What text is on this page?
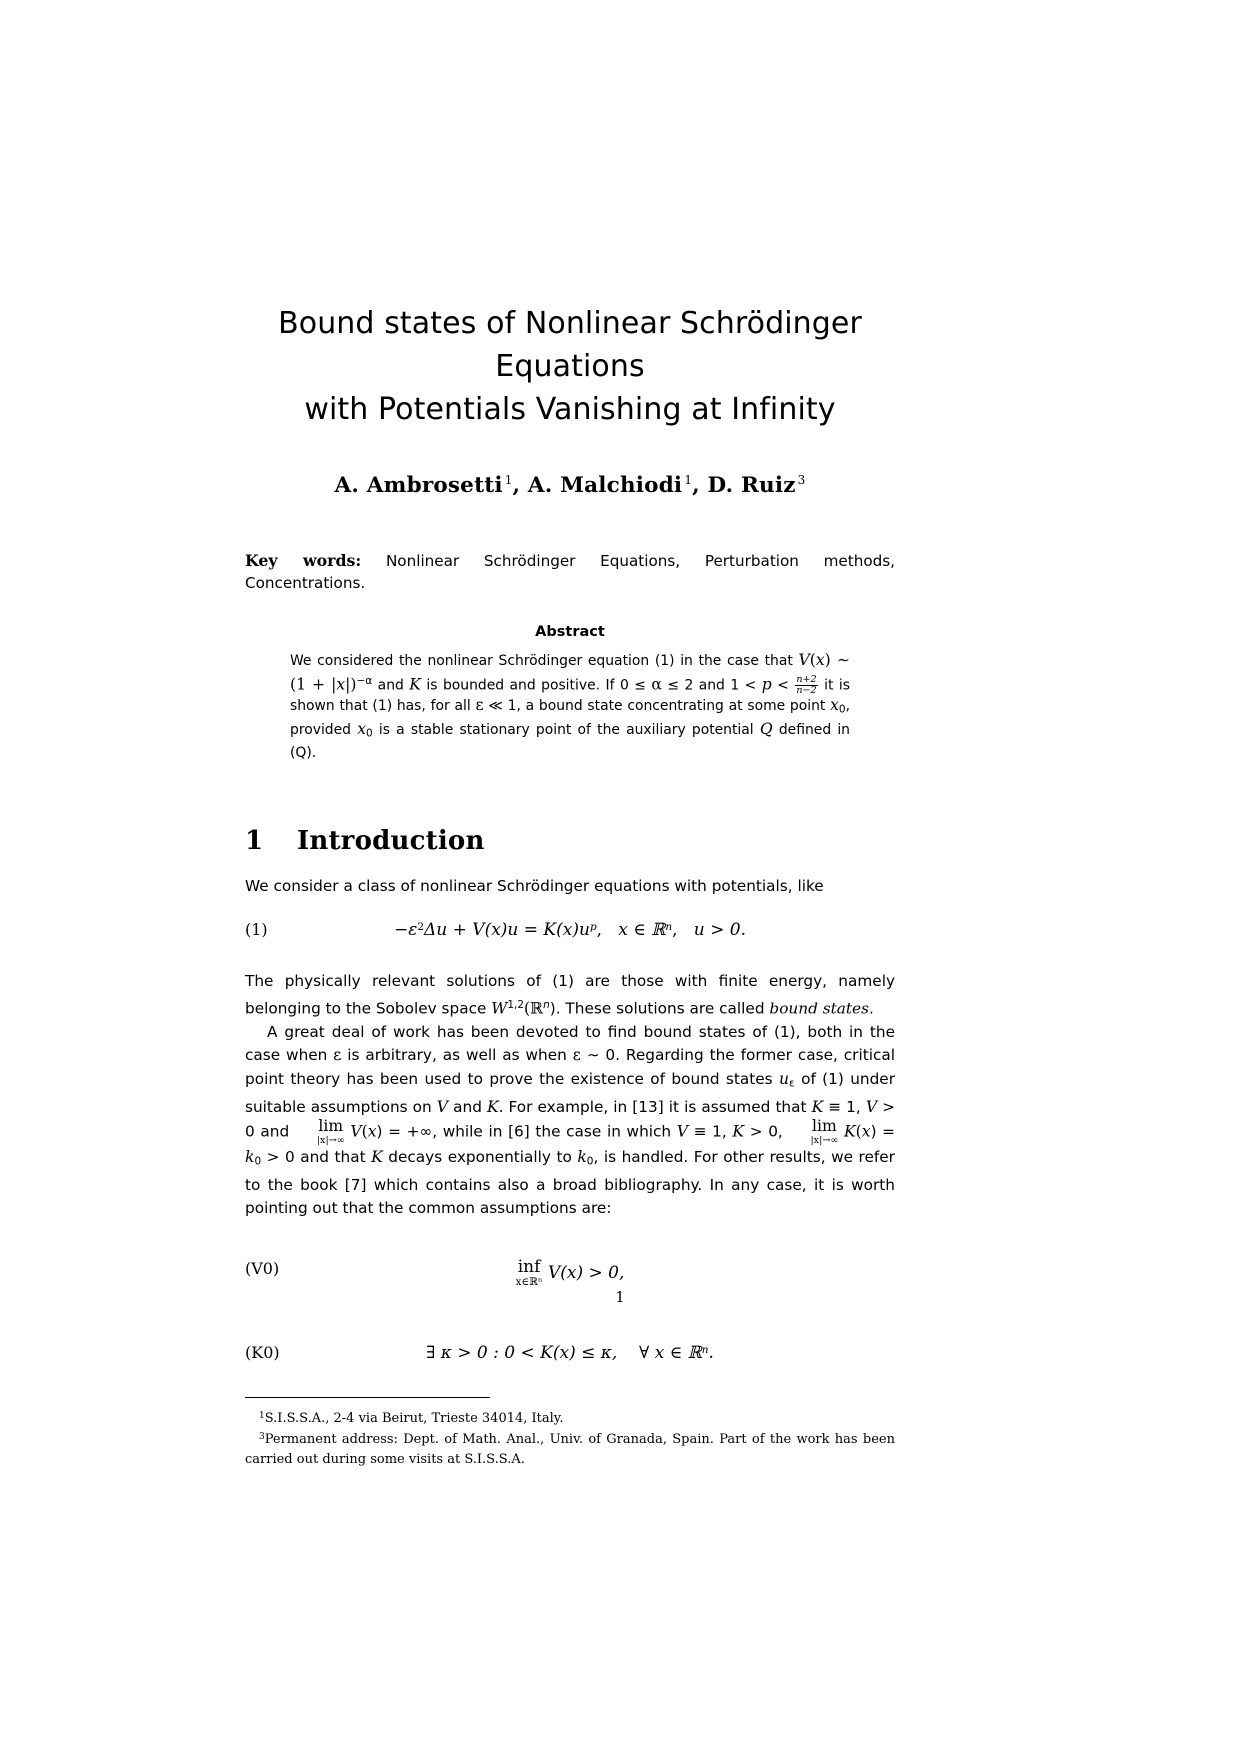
Bound states of Nonlinear Schrödinger Equations
with Potentials Vanishing at Infinity
A. Ambrosetti $^1$, A. Malchiodi $^1$, D. Ruiz $^3$
Key words: Nonlinear Schrödinger Equations, Perturbation methods, Concentrations.
Abstract
We considered the nonlinear Schrödinger equation (1) in the case that V(x) ∼ $(1 + |x|)^{-\alpha}$ and K is bounded and positive. If 0 ≤ α ≤ 2 and $1 < p < \frac{n+2}{n-2}$ it is shown that (1) has, for all ε ≪ 1, a bound state concentrating at some point $x_0$, provided $x_0$ is a stable stationary point of the auxiliary potential Q defined in (Q).
1 Introduction
We consider a class of nonlinear Schrödinger equations with potentials, like
(1)	$-\varepsilon^2\Delta u + V(x)u = K(x)u^p$, x ∈ ℝ$^n$, u > 0.
The physically relevant solutions of (1) are those with finite energy, namely belonging to the Sobolev space W$^{1,2}$(ℝ$^n$). These solutions are called bound states.
A great deal of work has been devoted to find bound states of (1), both in the case when ε is arbitrary, as well as when ε ∼ 0. Regarding the former case, critical point theory has been used to prove the existence of bound states $u_\varepsilon$ of (1) under suitable assumptions on V and K. For example, in [13] it is assumed that K ≡ 1, V > 0 and	lim
|x|→∞ V(x) = +∞, while in [6] the case in which V ≡ 1, K > 0,	lim
|x|→∞ $K(x) = k_0 > 0$ and that K decays exponentially to $k_0$, is handled. For other results, we refer to the book [7] which contains also a broad bibliography. In any case, it is worth pointing out that the common assumptions are:
(V0)	inf
x∈ℝⁿ V(x) > 0,
(K0)	∃ κ > 0 : 0 < K(x) ≤ κ, ∀ x ∈ ℝ$^n$.
$^1$S.I.S.S.A., 2-4 via Beirut, Trieste 34014, Italy.
$^3$Permanent address: Dept. of Math. Anal., Univ. of Granada, Spain. Part of the work has been carried out during some visits at S.I.S.S.A.
1
